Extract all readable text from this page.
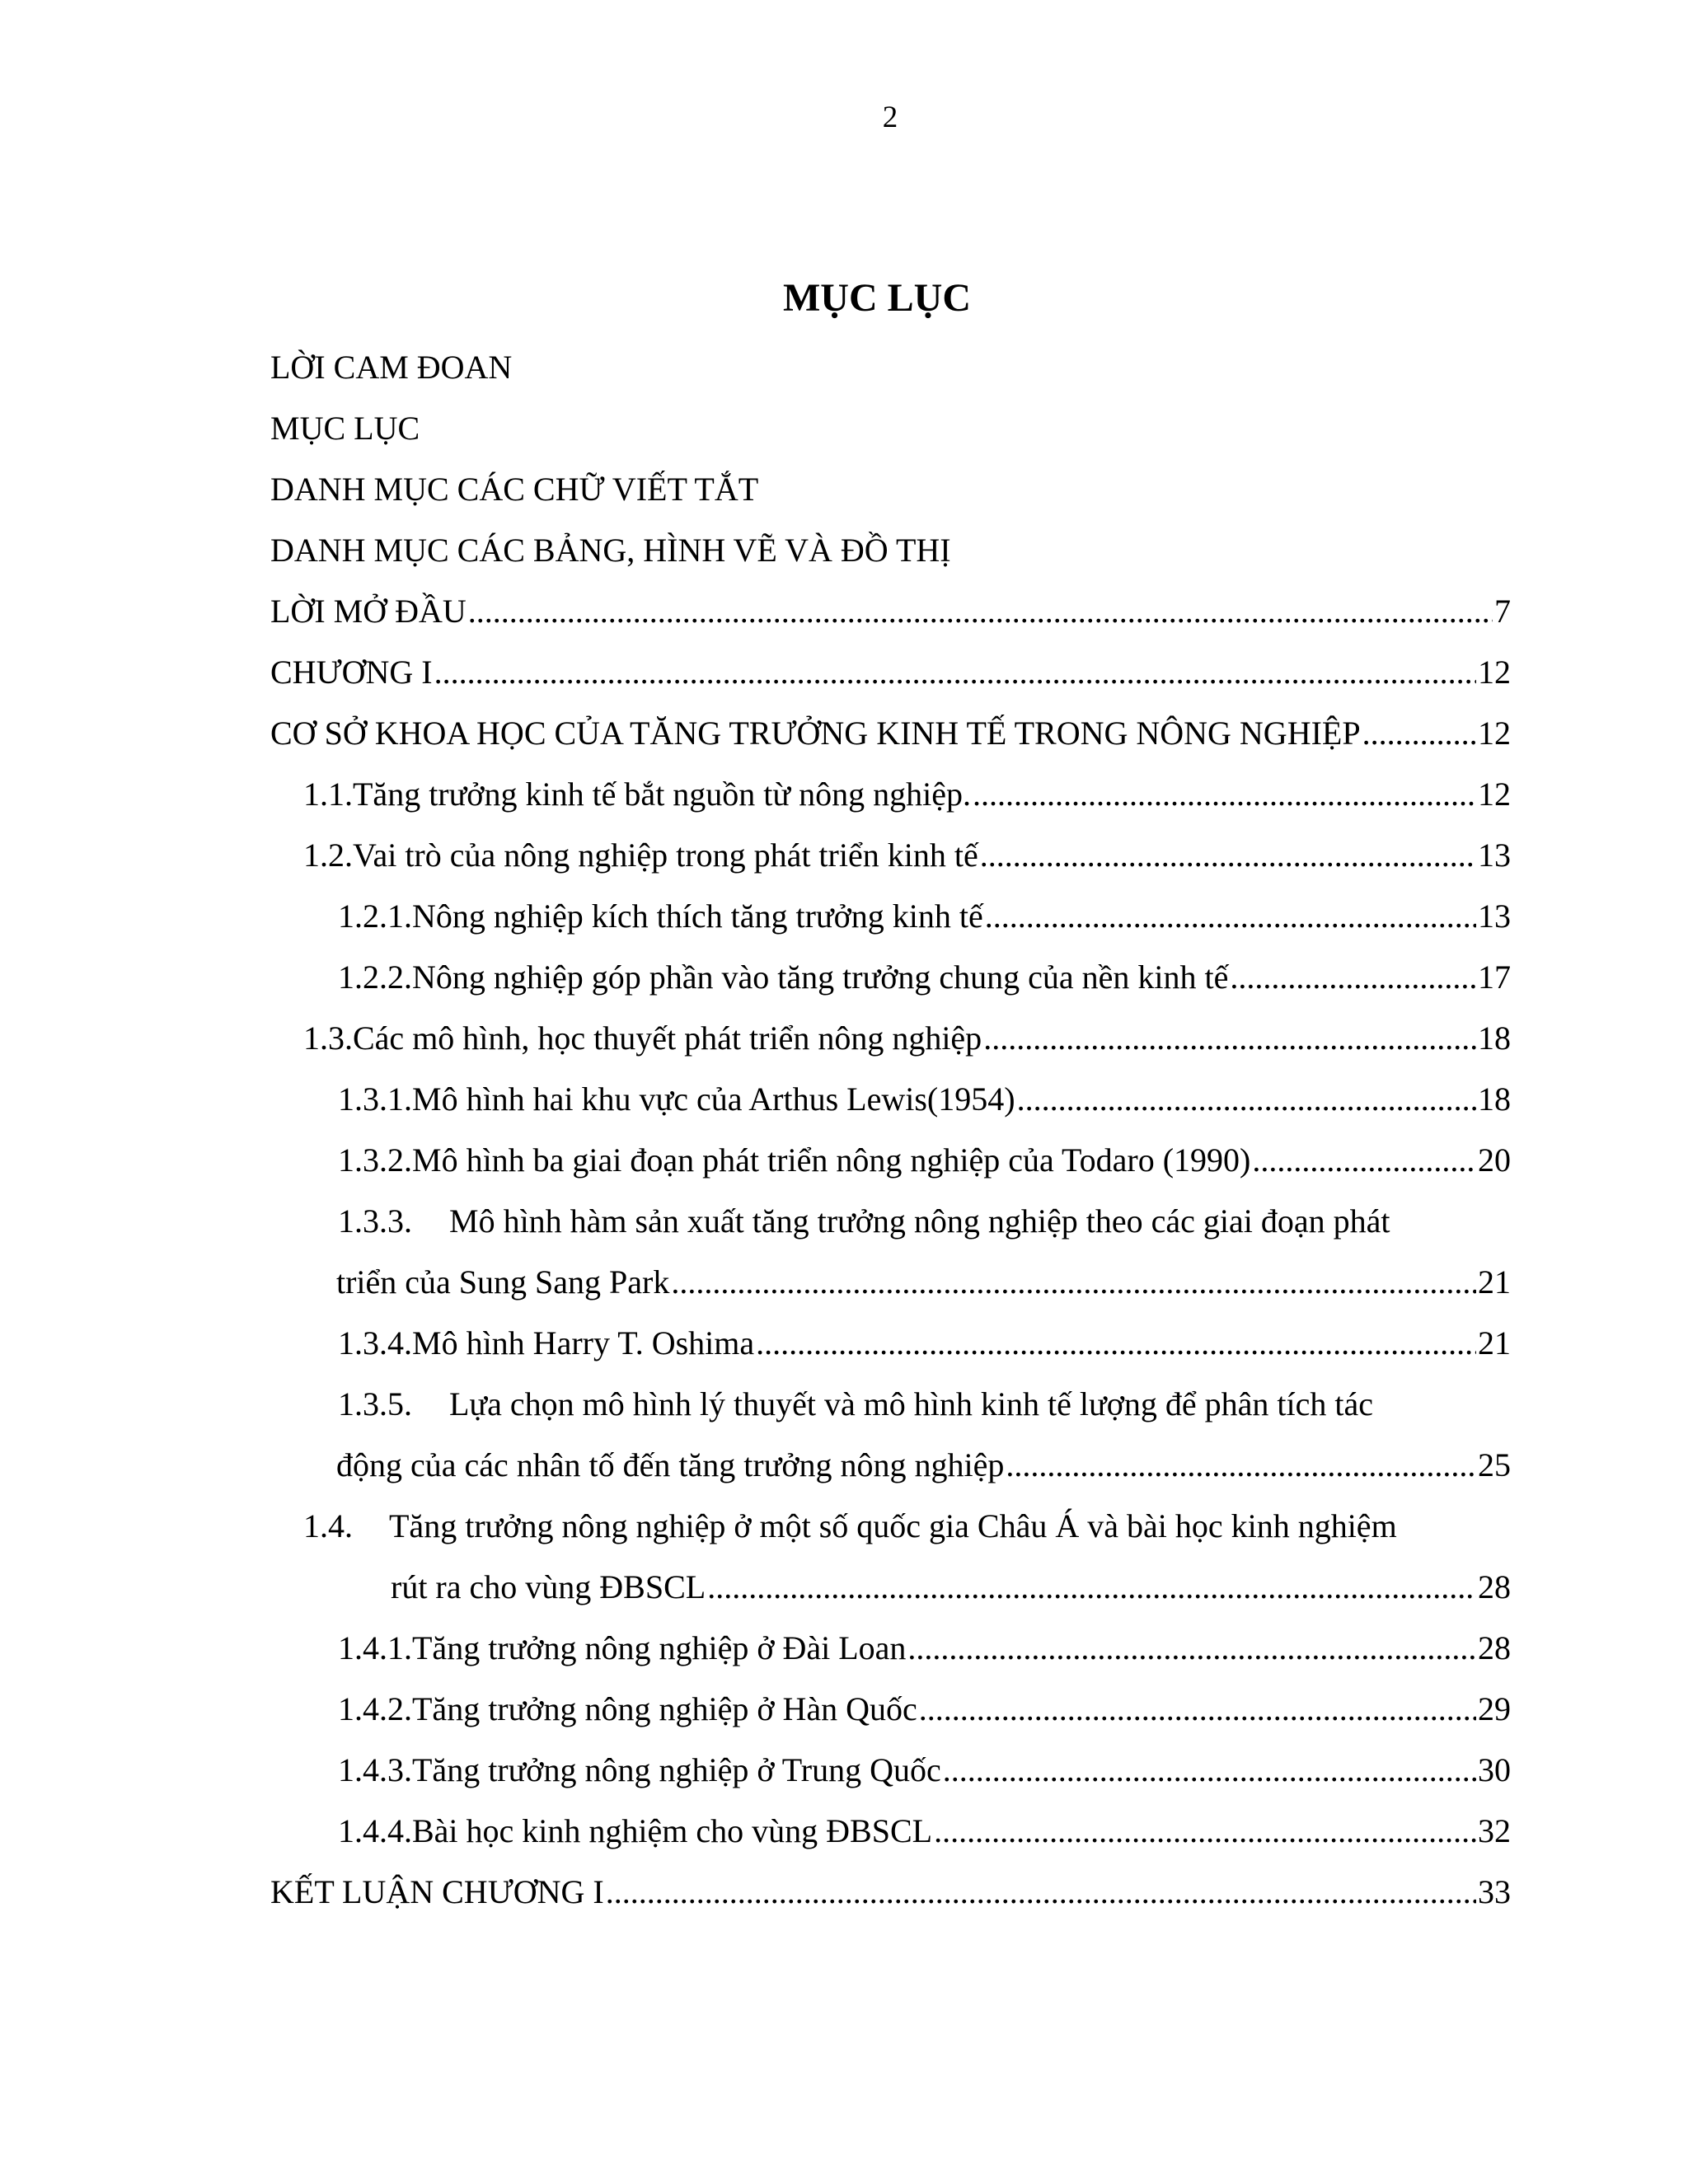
2
MỤC LỤC
LỜI CAM ĐOAN
MỤC LỤC
DANH MỤC CÁC CHỮ VIẾT TẮT
DANH MỤC CÁC BẢNG, HÌNH VẼ VÀ ĐỒ THỊ
LỜI MỞ ĐẦU .....	7
CHƯƠNG I .....	12
CƠ SỞ KHOA HỌC CỦA TĂNG TRƯỞNG KINH TẾ TRONG NÔNG NGHIỆP .....	12
1.1. Tăng trưởng kinh tế bắt nguồn từ nông nghiệp. .....	12
1.2. Vai trò của nông nghiệp trong phát triển kinh tế .....	13
1.2.1. Nông nghiệp kích thích tăng trưởng kinh tế .....	13
1.2.2. Nông nghiệp góp phần vào tăng trưởng chung của nền kinh tế .....	17
1.3. Các mô hình, học thuyết phát triển nông nghiệp .....	18
1.3.1. Mô hình hai khu vực của Arthus Lewis(1954) .....	18
1.3.2. Mô hình ba giai đoạn phát triển nông nghiệp của Todaro (1990) .....	20
1.3.3.	Mô hình hàm sản xuất tăng trưởng nông nghiệp theo các giai đoạn phát
triển của Sung Sang Park .....	21
1.3.4. Mô hình Harry T. Oshima .....	21
1.3.5.	Lựa chọn mô hình lý thuyết và mô hình kinh tế lượng để phân tích tác
động của các nhân tố đến tăng trưởng nông nghiệp .....	25
1.4.	Tăng trưởng nông nghiệp ở một số quốc gia Châu Á và bài học kinh nghiệm
rút ra cho vùng ĐBSCL .....	28
1.4.1. Tăng trưởng nông nghiệp ở Đài Loan .....	28
1.4.2. Tăng trưởng nông nghiệp ở Hàn Quốc .....	29
1.4.3. Tăng trưởng nông nghiệp ở Trung Quốc .....	30
1.4.4. Bài học kinh nghiệm cho vùng ĐBSCL .....	32
KẾT LUẬN CHƯƠNG I .....	33
